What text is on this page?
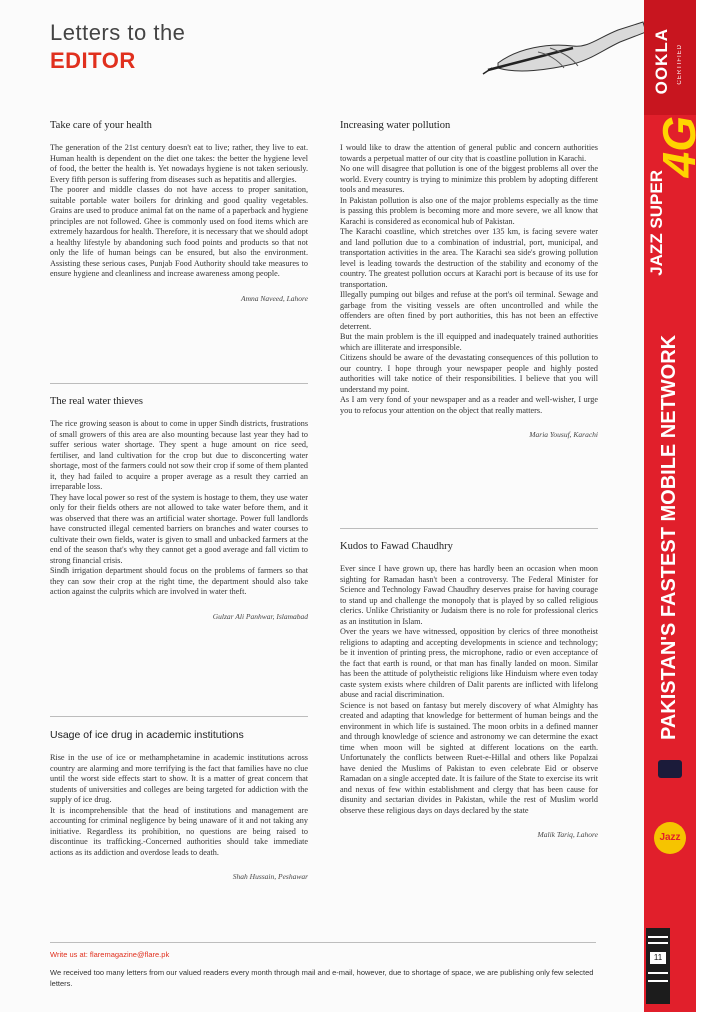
Letters to the
EDITOR
Take care of your health

The generation of the 21st century doesn't eat to live; rather, they live to eat. Human health is dependent on the diet one takes: the better the hygiene level of food, the better the health is. Yet nowadays hygiene is not taken seriously. Every fifth person is suffering from diseases such as hepatitis and allergies.

The poorer and middle classes do not have access to proper sanitation, suitable portable water boilers for drinking and good quality vegetables. Grains are used to produce animal fat on the name of a paperback and hygiene principles are not followed. Ghee is commonly used on food items which are extremely hazardous for health. Therefore, it is necessary that we should adopt a healthy lifestyle by abandoning such food points and products so that not only the life of human beings can be ensured, but also the environment. Assisting these serious cases, Punjab Food Authority should take measures to ensure hygiene and cleanliness and increase awareness among people.

Amna Naveed, Lahore
The real water thieves

The rice growing season is about to come in upper Sindh districts, frustrations of small growers of this area are also mounting because last year they had to suffer serious water shortage. They spent a huge amount on rice seed, fertiliser, and land cultivation for the crop but due to disconcerting water shortage, most of the farmers could not sow their crop if some of them planted it, they had failed to acquire a proper average as a result they carried an irreparable loss.

They have local power so rest of the system is hostage to them, they use water only for their fields others are not allowed to take water before them, and it was observed that there was an artificial water shortage. Power full landlords have constructed illegal cemented barriers on branches and water courses to cultivate their own fields, water is given to small and unbacked farmers at the end of the season that's why they cannot get a good average and fall victim to strong financial crisis.

Sindh irrigation department should focus on the problems of farmers so that they can sow their crop at the right time, the department should also take action against the culprits which are involved in water theft.

Gulzar Ali Panhwar, Islamabad
Usage of ice drug in academic institutions

Rise in the use of ice or methamphetamine in academic institutions across country are alarming and more terrifying is the fact that families have no clue until the worst side effects start to show. It is a matter of great concern that students of universities and colleges are being targeted for addiction with the supply of ice drug.

It is incomprehensible that the head of institutions and management are accounting for criminal negligence by being unaware of it and not taking any initiative. Regardless its prohibition, no questions are being raised to discontinue its trafficking.-Concerned authorities should take immediate actions as its addiction and overdose leads to death.

Shah Hussain, Peshawar
Increasing water pollution

I would like to draw the attention of general public and concern authorities towards a perpetual matter of our city that is coastline pollution in Karachi.

No one will disagree that pollution is one of the biggest problems all over the world. Every country is trying to minimize this problem by adopting different tools and measures.

In Pakistan pollution is also one of the major problems especially as the time is passing this problem is becoming more and more severe, we all know that Karachi is considered as economical hub of Pakistan.

The Karachi coastline, which stretches over 135 km, is facing severe water and land pollution due to a combination of industrial, port, municipal, and transportation activities in the area. The Karachi sea side's growing pollution level is leading towards the destruction of the stability and economy of the country. The greatest pollution occurs at Karachi port is because of its use for transportation.

Illegally pumping out bilges and refuse at the port's oil terminal. Sewage and garbage from the visiting vessels are often uncontrolled and while the offenders are often fined by port authorities, this has not been an effective deterrent.

But the main problem is the ill equipped and inadequately trained authorities which are illiterate and irresponsible.

Citizens should be aware of the devastating consequences of this pollution to our country. I hope through your newspaper people and highly posted authorities will take notice of their responsibilities. I believe that you will understand my point.

As I am very fond of your newspaper and as a reader and well-wisher, I urge you to refocus your attention on the object that really matters.

Maria Yousuf, Karachi
Kudos to Fawad Chaudhry

Ever since I have grown up, there has hardly been an occasion when moon sighting for Ramadan hasn't been a controversy. The Federal Minister for Science and Technology Fawad Chaudhry deserves praise for having courage to stand up and challenge the monopoly that is played by so called religious clerics. Unlike Christianity or Judaism there is no role for professional clerics as an institution in Islam.

Over the years we have witnessed, opposition by clerics of three monotheist religions to adapting and accepting developments in science and technology; be it invention of printing press, the microphone, radio or even acceptance of the fact that earth is round, or that man has finally landed on moon. Similar has been the attitude of polytheistic religions like Hinduism where even today caste system exists where children of Dalit parents are inflicted with lifelong abuse and racial discrimination.

Science is not based on fantasy but merely discovery of what Almighty has created and adapting that knowledge for betterment of human beings and the environment in which life is sustained. The moon orbits in a defined manner and through knowledge of science and astronomy we can determine the exact time when moon will be sighted at different locations on the earth. Unfortunately the conflicts between Ruet-e-Hillal and others like Popalzai have denied the Muslims of Pakistan to even celebrate Eid or observe Ramadan on a single accepted date. It is failure of the State to exercise its writ and nexus of few within establishment and clergy that has been cause for disunity and sectarian divides in Pakistan, while the rest of Muslim world observe these religious days on days declared by the state

Malik Tariq, Lahore
Write us at: flaremagazine@flare.pk
We received too many letters from our valued readers every month through mail and e-mail, however, due to shortage of space, we are publishing only few selected letters.
OOKLA CERTIFIED
4G
JAZZ SUPER
PAKISTAN'S FASTEST MOBILE NETWORK
Jazz
11
